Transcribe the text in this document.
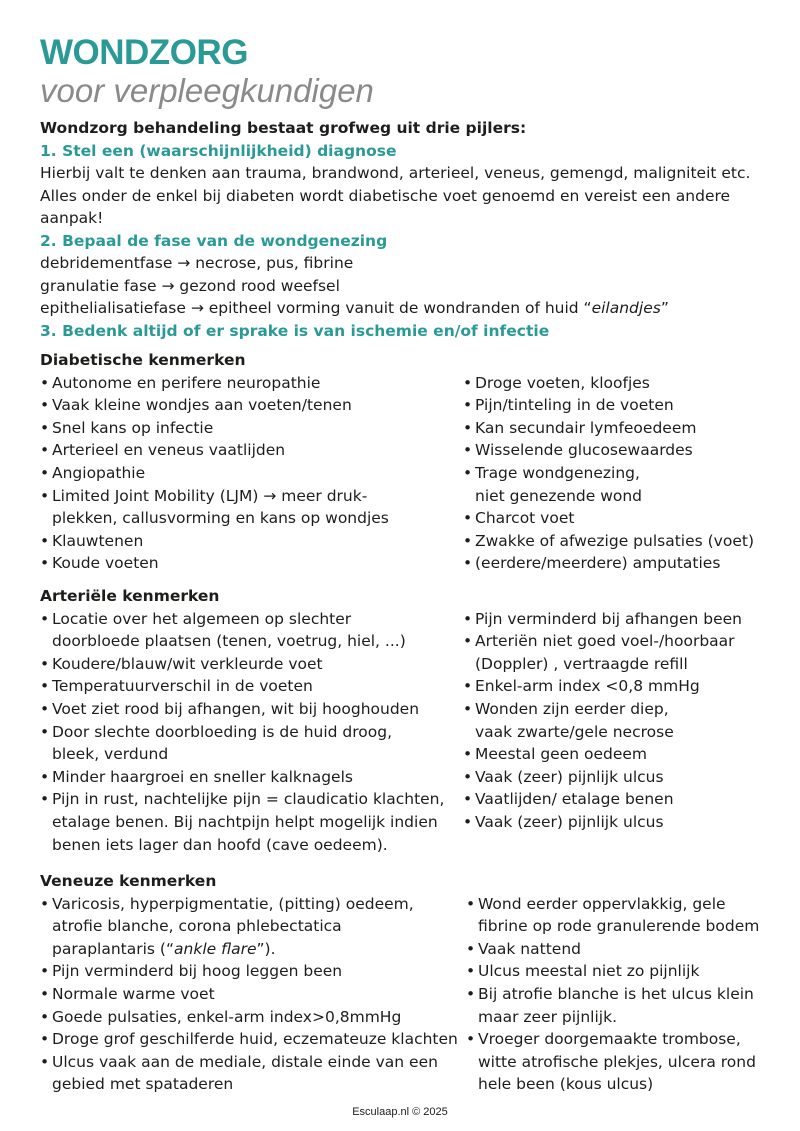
WONDZORG
voor verpleegkundigen
Wondzorg behandeling bestaat grofweg uit drie pijlers:
1. Stel een (waarschijnlijkheid) diagnose
Hierbij valt te denken aan trauma, brandwond, arterieel, veneus, gemengd, maligniteit etc.
Alles onder de enkel bij diabeten wordt diabetische voet genoemd en vereist een andere
aanpak!
2. Bepaal de fase van de wondgenezing
debridementfase → necrose, pus, fibrine
granulatie fase → gezond rood weefsel
epithelialisatiefase → epitheel vorming vanuit de wondranden of huid “eilandjes”
3. Bedenk altijd of er sprake is van ischemie en/of infectie
Diabetische kenmerken
• Autonome en perifere neuropathie
• Vaak kleine wondjes aan voeten/tenen
• Snel kans op infectie
• Arterieel en veneus vaatlijden
• Angiopathie
• Limited Joint Mobility (LJM) → meer druk-
plekken, callusvorming en kans op wondjes
• Klauwtenen
• Koude voeten
• Droge voeten, kloofjes
• Pijn/tinteling in de voeten
• Kan secundair lymfeoedeem
• Wisselende glucosewaardes
• Trage wondgenezing,
niet genezende wond
• Charcot voet
• Zwakke of afwezige pulsaties (voet)
• (eerdere/meerdere) amputaties
Arteriële kenmerken
• Locatie over het algemeen op slechter
doorbloede plaatsen (tenen, voetrug, hiel, ...)
• Koudere/blauw/wit verkleurde voet
• Temperatuurverschil in de voeten
• Voet ziet rood bij afhangen, wit bij hooghouden
• Door slechte doorbloeding is de huid droog,
bleek, verdund
• Minder haargroei en sneller kalknagels
• Pijn in rust, nachtelijke pijn = claudicatio klachten,
etalage benen. Bij nachtpijn helpt mogelijk indien
benen iets lager dan hoofd (cave oedeem).
• Pijn verminderd bij afhangen been
• Arteriën niet goed voel-/hoorbaar
(Doppler) , vertraagde refill
• Enkel-arm index <0,8 mmHg
• Wonden zijn eerder diep,
vaak zwarte/gele necrose
• Meestal geen oedeem
• Vaak (zeer) pijnlijk ulcus
• Vaatlijden/ etalage benen
• Vaak (zeer) pijnlijk ulcus
Veneuze kenmerken
• Varicosis, hyperpigmentatie, (pitting) oedeem,
atrofie blanche, corona phlebectatica
paraplantaris (“ankle flare”).
• Pijn verminderd bij hoog leggen been
• Normale warme voet
• Goede pulsaties, enkel-arm index>0,8mmHg
• Droge grof geschilferde huid, eczemateuze klachten
• Ulcus vaak aan de mediale, distale einde van een
gebied met spataderen
• Wond eerder oppervlakkig, gele
fibrine op rode granulerende bodem
• Vaak nattend
• Ulcus meestal niet zo pijnlijk
• Bij atrofie blanche is het ulcus klein
maar zeer pijnlijk.
• Vroeger doorgemaakte trombose,
witte atrofische plekjes, ulcera rond
hele been (kous ulcus)
Esculaap.nl © 2025
